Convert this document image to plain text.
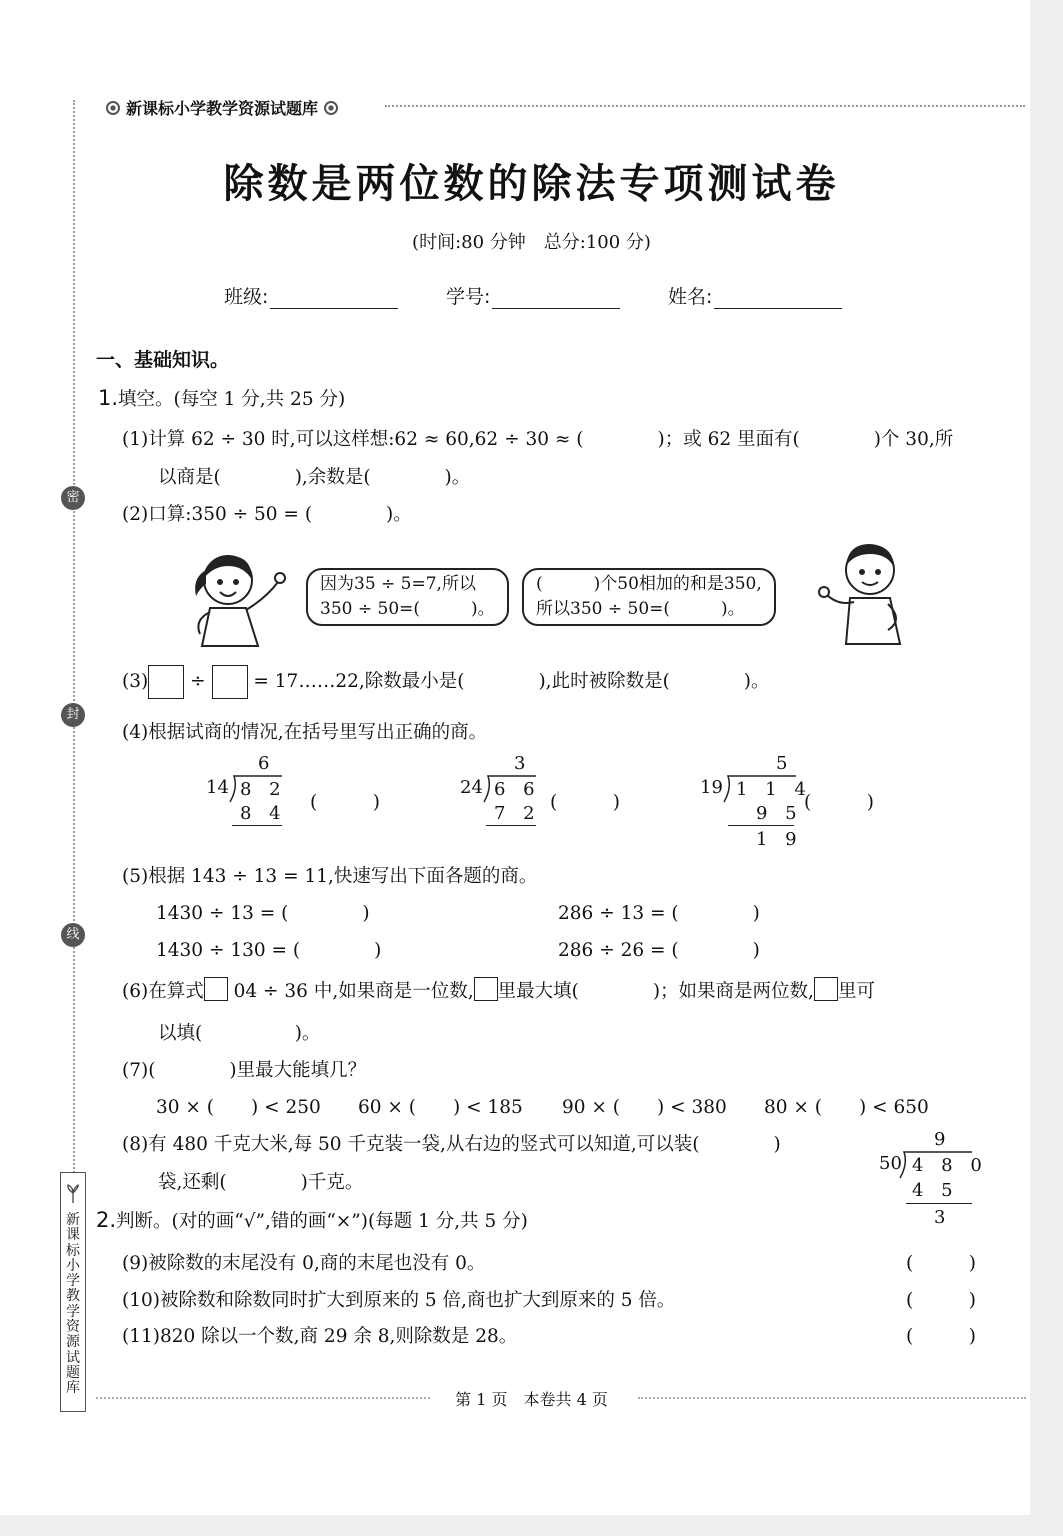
新课标小学教学资源试题库
除数是两位数的除法专项测试卷
(时间:80 分钟　总分:100 分)
班级:	学号:	姓名:
一、基础知识。
1.填空。(每空 1 分,共 25 分)
(1)计算 62 ÷ 30 时,可以这样想:62 ≈ 60,62 ÷ 30 ≈ (　　　　)；或 62 里面有(　　　　)个 30,所
以商是(　　　　),余数是(　　　　)。
(2)口算:350 ÷ 50 = (　　　　)。
因为35 ÷ 5=7,所以
350 ÷ 50=(　　　)。
(　　　)个50相加的和是350,
所以350 ÷ 50=(　　　)。
(3) ÷	= 17……22,除数最小是(　　　　),此时被除数是(　　　　)。
(4)根据试商的情况,在括号里写出正确的商。
6
14 8 2
8 4
(　　　)
3
24 6 6
7 2
(　　　)
5
19 1 1 4
9 5
1 9
(　　　)
(5)根据 143 ÷ 13 = 11,快速写出下面各题的商。
1430 ÷ 13 = (　　　　)	286 ÷ 13 = (　　　　)
1430 ÷ 130 = (　　　　)	286 ÷ 26 = (　　　　)
(6)在算式 04 ÷ 36 中,如果商是一位数, 里最大填(　　　　)；如果商是两位数, 里可
以填(　　　　　)。
(7)(　　　　)里最大能填几？
30 × (　　) < 250 60 × (　　) < 185 90 × (　　) < 380 80 × (　　) < 650
(8)有 480 千克大米,每 50 千克装一袋,从右边的竖式可以知道,可以装(　　　　)
袋,还剩(　　　　)千克。
9
50 4 8 0
4 5
3
2.判断。(对的画“√”,错的画“×”)(每题 1 分,共 5 分)
(9)被除数的末尾没有 0,商的末尾也没有 0。	(　　　)
(10)被除数和除数同时扩大到原来的 5 倍,商也扩大到原来的 5 倍。	(　　　)
(11)820 除以一个数,商 29 余 8,则除数是 28。	(　　　)
密
封
线
新课标小学教学资源试题库
第 1 页　本卷共 4 页
